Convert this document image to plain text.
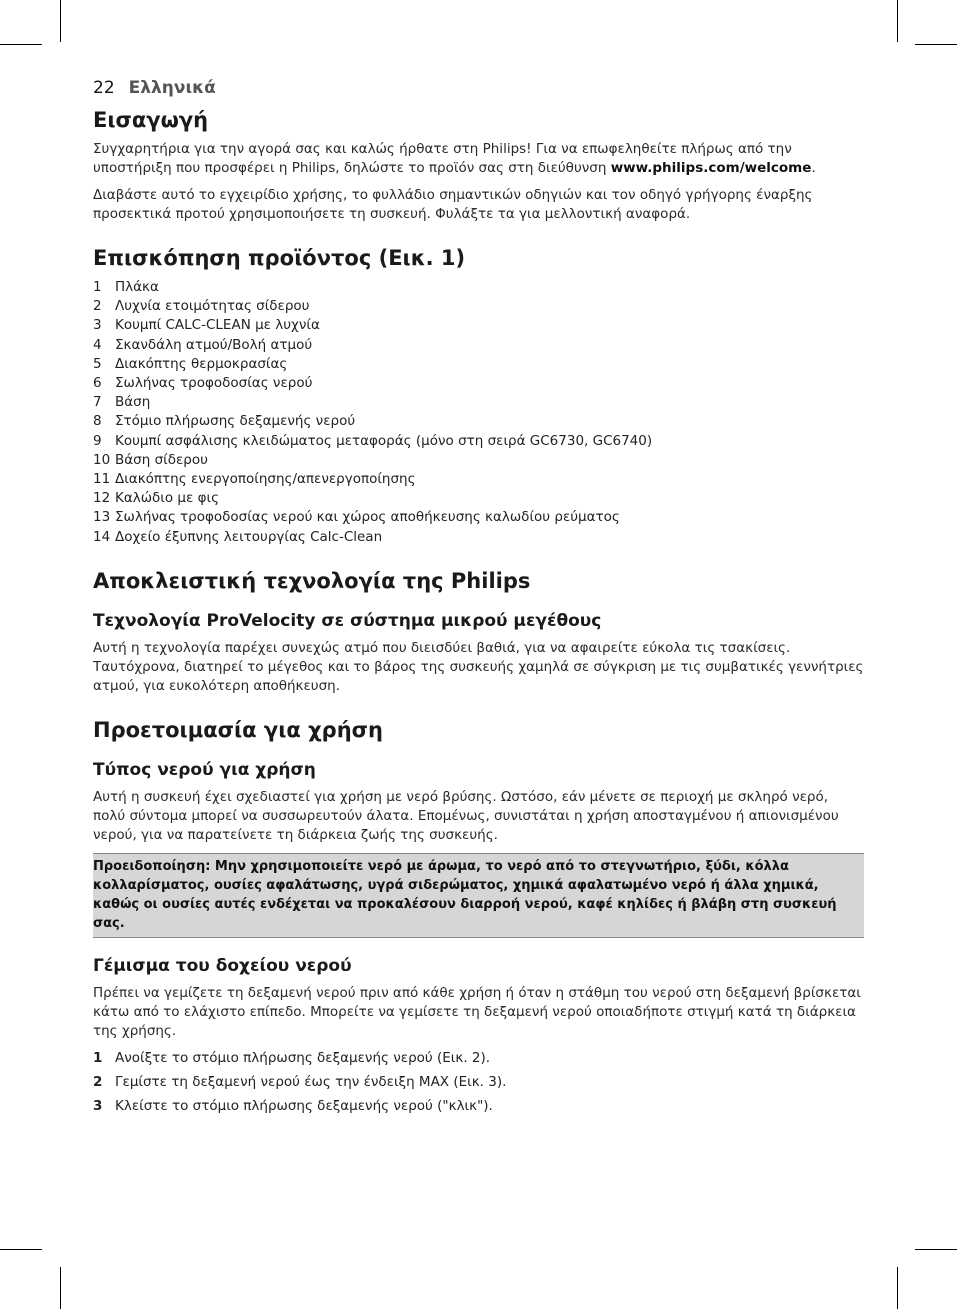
22 Ελληνικά
Εισαγωγή

Συγχαρητήρια για την αγορά σας και καλώς ήρθατε στη Philips! Για να επωφεληθείτε πλήρως από την υποστήριξη που προσφέρει η Philips, δηλώστε το προϊόν σας στη διεύθυνση www.philips.com/welcome.

Διαβάστε αυτό το εγχειρίδιο χρήσης, το φυλλάδιο σημαντικών οδηγιών και τον οδηγό γρήγορης έναρξης προσεκτικά προτού χρησιμοποιήσετε τη συσκευή. Φυλάξτε τα για μελλοντική αναφορά.

Επισκόπηση προϊόντος (Εικ. 1)
1 Πλάκα
2 Λυχνία ετοιμότητας σίδερου
3 Κουμπί CALC-CLEAN με λυχνία
4 Σκανδάλη ατμού/Βολή ατμού
5 Διακόπτης θερμοκρασίας
6 Σωλήνας τροφοδοσίας νερού
7 Βάση
8 Στόμιο πλήρωσης δεξαμενής νερού
9 Κουμπί ασφάλισης κλειδώματος μεταφοράς (μόνο στη σειρά GC6730, GC6740)
10 Βάση σίδερου
11 Διακόπτης ενεργοποίησης/απενεργοποίησης
12 Καλώδιο με φις
13 Σωλήνας τροφοδοσίας νερού και χώρος αποθήκευσης καλωδίου ρεύματος
14 Δοχείο έξυπνης λειτουργίας Calc-Clean
Αποκλειστική τεχνολογία της Philips
Τεχνολογία ProVelocity σε σύστημα μικρού μεγέθους

Αυτή η τεχνολογία παρέχει συνεχώς ατμό που διεισδύει βαθιά, για να αφαιρείτε εύκολα τις τσακίσεις. Ταυτόχρονα, διατηρεί το μέγεθος και το βάρος της συσκευής χαμηλά σε σύγκριση με τις συμβατικές γεννήτριες ατμού, για ευκολότερη αποθήκευση.

Προετοιμασία για χρήση
Τύπος νερού για χρήση

Αυτή η συσκευή έχει σχεδιαστεί για χρήση με νερό βρύσης. Ωστόσο, εάν μένετε σε περιοχή με σκληρό νερό, πολύ σύντομα μπορεί να συσσωρευτούν άλατα. Επομένως, συνιστάται η χρήση αποσταγμένου ή απιονισμένου νερού, για να παρατείνετε τη διάρκεια ζωής της συσκευής.

Προειδοποίηση: Μην χρησιμοποιείτε νερό με άρωμα, το νερό από το στεγνωτήριο, ξύδι, κόλλα κολλαρίσματος, ουσίες αφαλάτωσης, υγρά σιδερώματος, χημικά αφαλατωμένο νερό ή άλλα χημικά, καθώς οι ουσίες αυτές ενδέχεται να προκαλέσουν διαρροή νερού, καφέ κηλίδες ή βλάβη στη συσκευή σας.
Γέμισμα του δοχείου νερού

Πρέπει να γεμίζετε τη δεξαμενή νερού πριν από κάθε χρήση ή όταν η στάθμη του νερού στη δεξαμενή βρίσκεται κάτω από το ελάχιστο επίπεδο. Μπορείτε να γεμίσετε τη δεξαμενή νερού οποιαδήποτε στιγμή κατά τη διάρκεια της χρήσης.

1 Ανοίξτε το στόμιο πλήρωσης δεξαμενής νερού (Εικ. 2).
2 Γεμίστε τη δεξαμενή νερού έως την ένδειξη MAX (Εικ. 3).
3 Κλείστε το στόμιο πλήρωσης δεξαμενής νερού ("κλικ").
